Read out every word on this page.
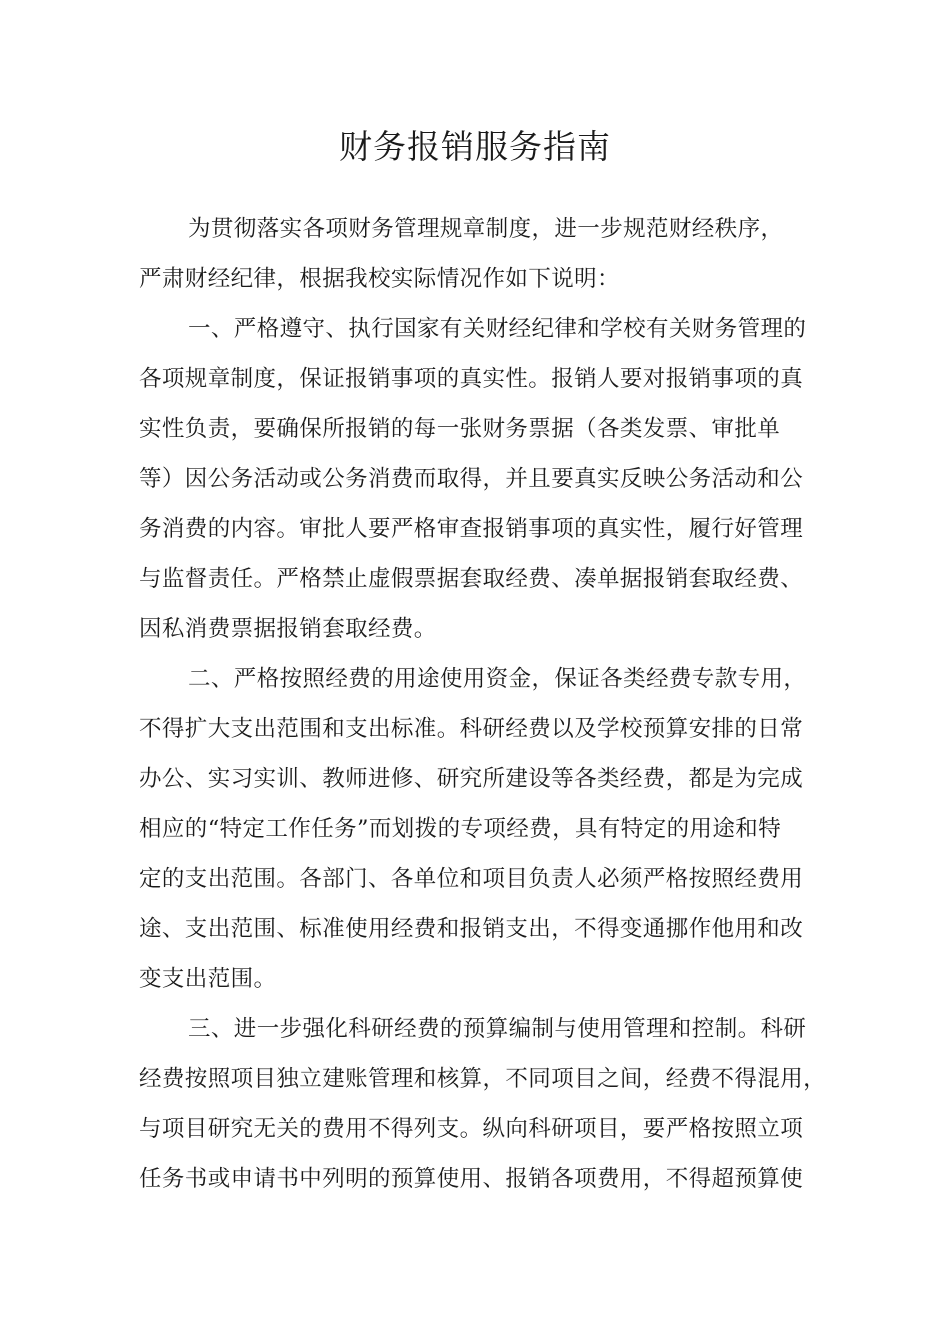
财务报销服务指南
为贯彻落实各项财务管理规章制度，进一步规范财经秩序，
严肃财经纪律，根据我校实际情况作如下说明：
一、严格遵守、执行国家有关财经纪律和学校有关财务管理的
各项规章制度，保证报销事项的真实性。报销人要对报销事项的真
实性负责，要确保所报销的每一张财务票据（各类发票、审批单
等）因公务活动或公务消费而取得，并且要真实反映公务活动和公
务消费的内容。审批人要严格审查报销事项的真实性，履行好管理
与监督责任。严格禁止虚假票据套取经费、凑单据报销套取经费、
因私消费票据报销套取经费。
二、严格按照经费的用途使用资金，保证各类经费专款专用，
不得扩大支出范围和支出标准。科研经费以及学校预算安排的日常
办公、实习实训、教师进修、研究所建设等各类经费，都是为完成
相应的“特定工作任务”而划拨的专项经费，具有特定的用途和特
定的支出范围。各部门、各单位和项目负责人必须严格按照经费用
途、支出范围、标准使用经费和报销支出，不得变通挪作他用和改
变支出范围。
三、进一步强化科研经费的预算编制与使用管理和控制。科研
经费按照项目独立建账管理和核算，不同项目之间，经费不得混用，
与项目研究无关的费用不得列支。纵向科研项目，要严格按照立项
任务书或申请书中列明的预算使用、报销各项费用，不得超预算使
